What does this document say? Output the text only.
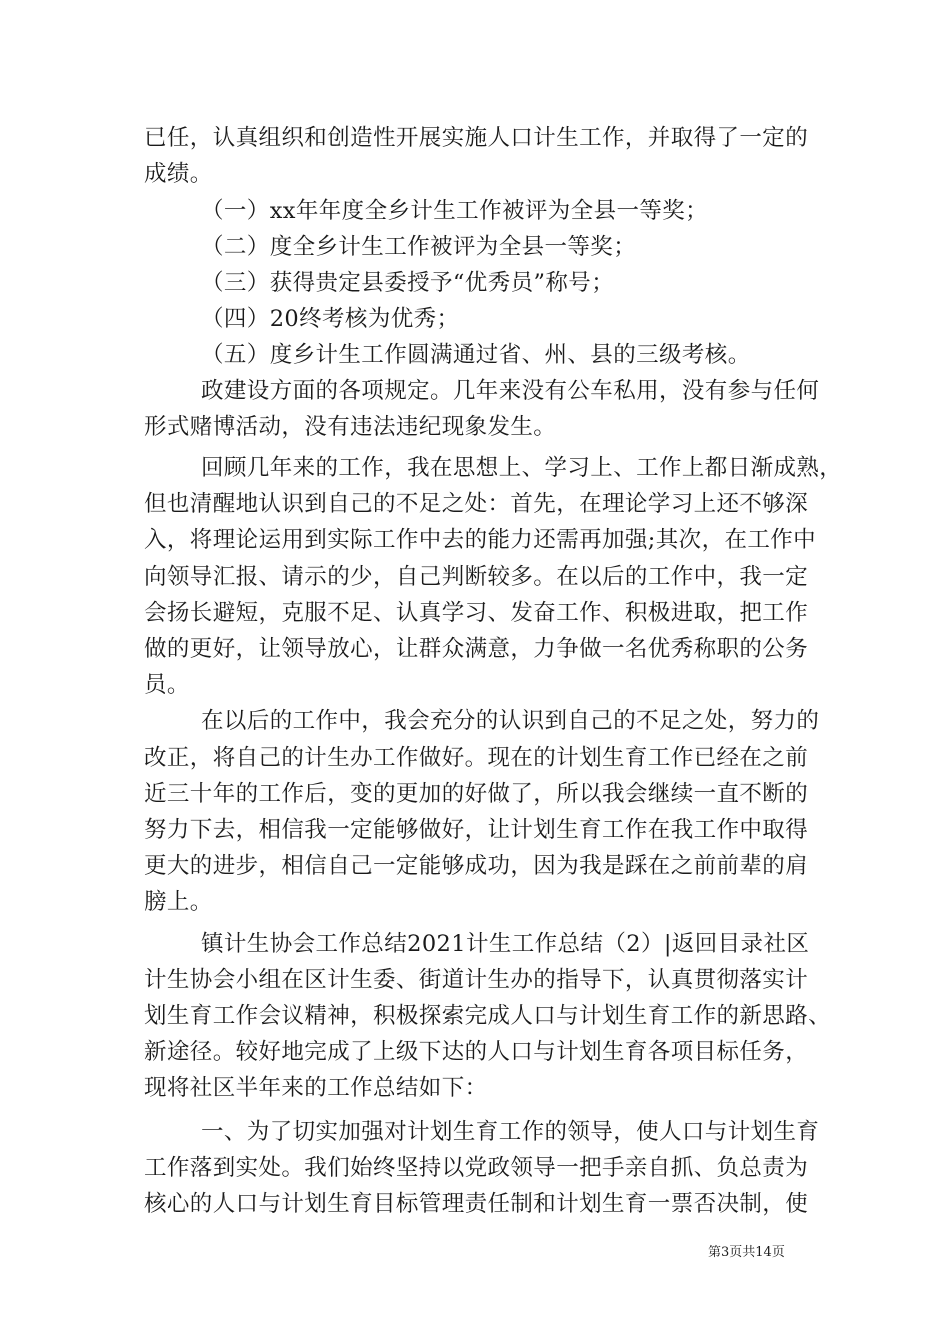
已任，认真组织和创造性开展实施人口计生工作，并取得了一定的
成绩。
（一）xx年年度全乡计生工作被评为全县一等奖；
（二）度全乡计生工作被评为全县一等奖；
（三）获得贵定县委授予“优秀员”称号；
（四）20终考核为优秀；
（五）度乡计生工作圆满通过省、州、县的三级考核。
政建设方面的各项规定。几年来没有公车私用，没有参与任何
形式赌博活动，没有违法违纪现象发生。
回顾几年来的工作，我在思想上、学习上、工作上都日渐成熟，
但也清醒地认识到自己的不足之处：首先，在理论学习上还不够深
入，将理论运用到实际工作中去的能力还需再加强;其次，在工作中
向领导汇报、请示的少，自己判断较多。在以后的工作中，我一定
会扬长避短，克服不足、认真学习、发奋工作、积极进取，把工作
做的更好，让领导放心，让群众满意，力争做一名优秀称职的公务
员。
在以后的工作中，我会充分的认识到自己的不足之处，努力的
改正，将自己的计生办工作做好。现在的计划生育工作已经在之前
近三十年的工作后，变的更加的好做了，所以我会继续一直不断的
努力下去，相信我一定能够做好，让计划生育工作在我工作中取得
更大的进步，相信自己一定能够成功，因为我是踩在之前前辈的肩
膀上。
镇计生协会工作总结2021计生工作总结（2）|返回目录社区
计生协会小组在区计生委、街道计生办的指导下，认真贯彻落实计
划生育工作会议精神，积极探索完成人口与计划生育工作的新思路、
新途径。较好地完成了上级下达的人口与计划生育各项目标任务，
现将社区半年来的工作总结如下：
一、为了切实加强对计划生育工作的领导，使人口与计划生育
工作落到实处。我们始终坚持以党政领导一把手亲自抓、负总责为
核心的人口与计划生育目标管理责任制和计划生育一票否决制，使
第3页共14页
